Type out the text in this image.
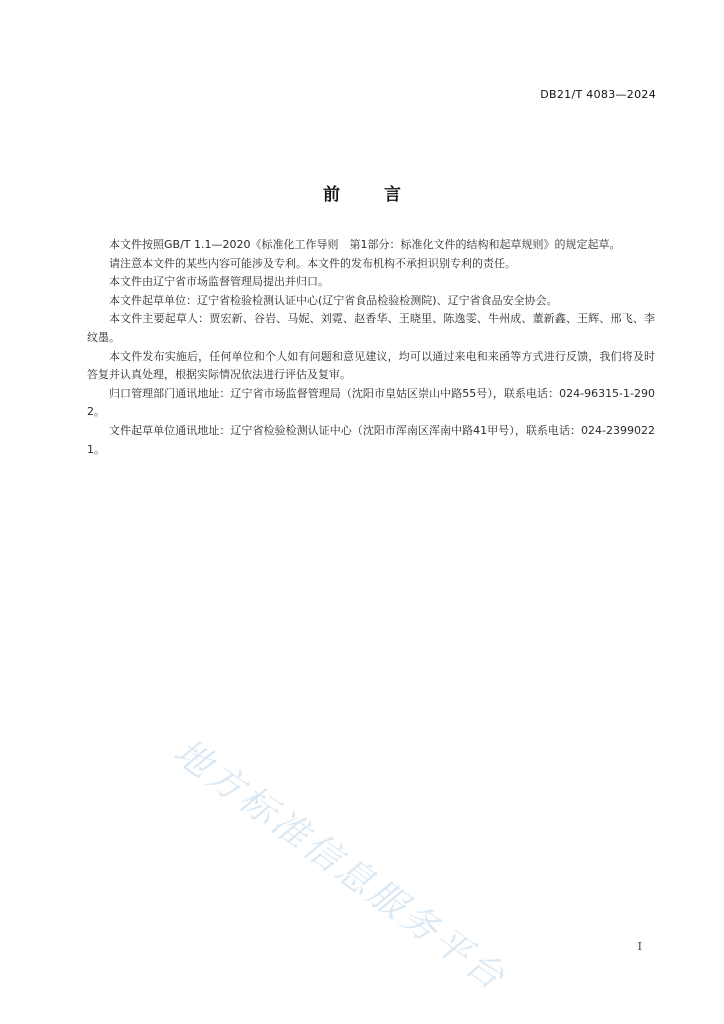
DB21/T 4083—2024
前	言

本文件按照GB/T 1.1—2020《标准化工作导则　第1部分：标准化文件的结构和起草规则》的规定起草。

请注意本文件的某些内容可能涉及专利。本文件的发布机构不承担识别专利的责任。

本文件由辽宁省市场监督管理局提出并归口。

本文件起草单位：辽宁省检验检测认证中心(辽宁省食品检验检测院)、辽宁省食品安全协会。

本文件主要起草人：贾宏新、谷岩、马妮、刘霓、赵香华、王晓里、陈逸雯、牛州成、董新鑫、王辉、邢飞、李纹墨。

本文件发布实施后，任何单位和个人如有问题和意见建议，均可以通过来电和来函等方式进行反馈，我们将及时答复并认真处理，根据实际情况依法进行评估及复审。

归口管理部门通讯地址：辽宁省市场监督管理局（沈阳市皇姑区崇山中路55号），联系电话：024-96315-1-2902。

文件起草单位通讯地址：辽宁省检验检测认证中心（沈阳市浑南区浑南中路41甲号），联系电话：024-23990221。

地方标准信息服务平台	I
